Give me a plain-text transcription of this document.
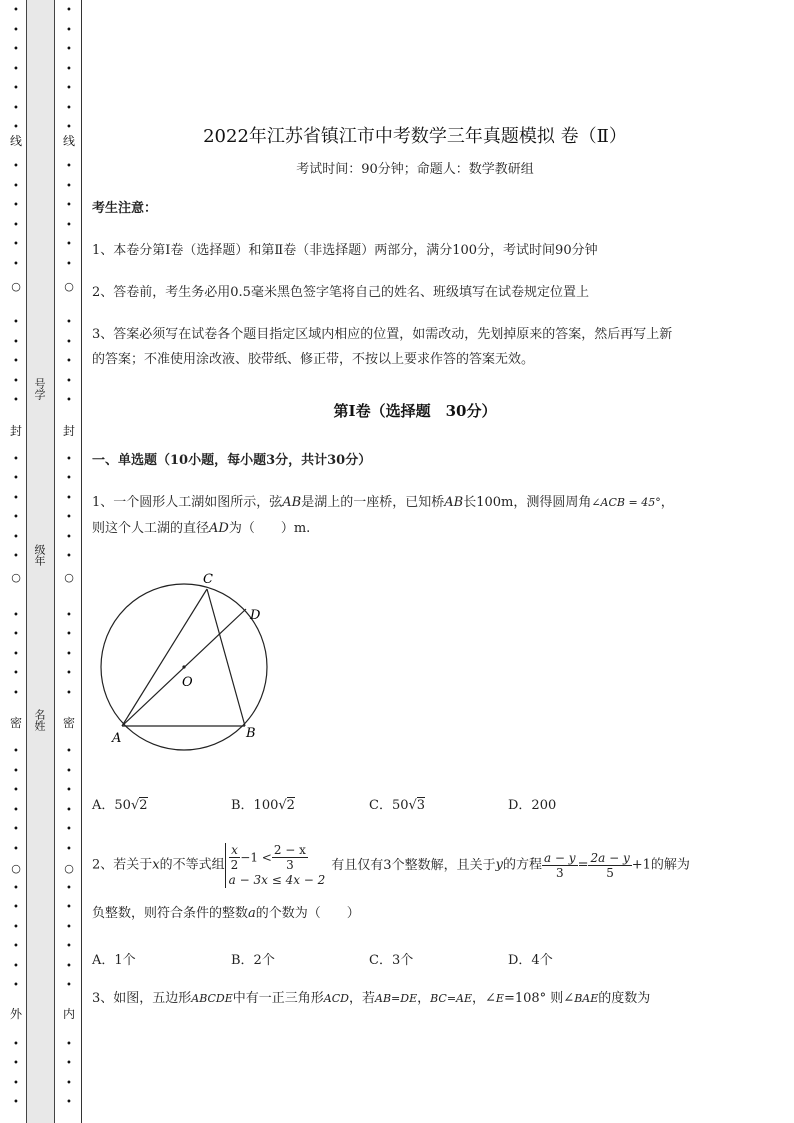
•
•
•
•
•
•
•
•
•
•
•
•
•
•
•
•
•
•
•
•
•
•
•
•
•
•
•
•
•
•
•
•
•
•
•
•
•
•
•
•
•
•
•
•
•
线
○
封
○
密
○
外
号学
级年
名姓
•
•
•
•
•
•
•
•
•
•
•
•
•
•
•
•
•
•
•
•
•
•
•
•
•
•
•
•
•
•
•
•
•
•
•
•
•
•
•
•
•
•
•
•
•
线
○
封
○
密
○
内
2022年江苏省镇江市中考数学三年真题模拟 卷（Ⅱ）
考试时间：90分钟；命题人：数学教研组
考生注意：
1、本卷分第Ⅰ卷（选择题）和第Ⅱ卷（非选择题）两部分，满分100分，考试时间90分钟
2、答卷前，考生务必用0.5毫米黑色签字笔将自己的姓名、班级填写在试卷规定位置上
3、答案必须写在试卷各个题目指定区域内相应的位置，如需改动，先划掉原来的答案，然后再写上新
的答案；不准使用涂改液、胶带纸、修正带，不按以上要求作答的答案无效。
第Ⅰ卷（选择题　30分）
一、单选题（10小题，每小题3分，共计30分）
1、一个圆形人工湖如图所示，弦AB是湖上的一座桥，已知桥AB长100m，测得圆周角∠ACB = 45°，
则这个人工湖的直径AD为（　　）m.
A	B
C
D
O
A．50√2	B．100√2	C．50√3	D．200
2、若关于x的不等式组 $\frac{x}{2} -1 < \frac{2 - x}{3}$
a − 3x ≤ 4x − 2
有且仅有3个整数解，且关于y的方程 $\frac{a - y}{3} = \frac{2a - y}{5} +1$的解为
负整数，则符合条件的整数a的个数为（　　）
A．1个	B．2个	C．3个	D．4个
3、如图，五边形ABCDE中有一正三角形ACD，若AB=DE，BC=AE，∠E=108° 则∠BAE的度数为
